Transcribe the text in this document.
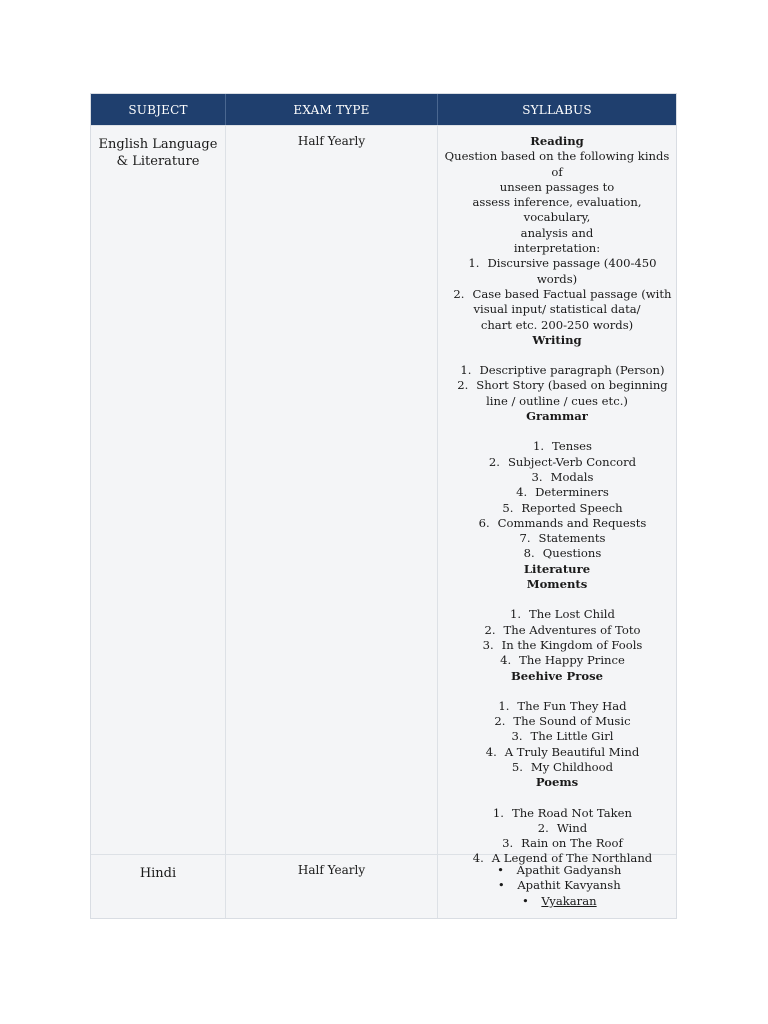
SUBJECT	EXAM TYPE	SYLLABUS
English Language
& Literature
Half Yearly	Reading
Question based on the following kinds of
unseen passages to
assess inference, evaluation, vocabulary,
analysis and
interpretation:
1. Discursive passage (400-450
words)
2. Case based Factual passage (with
visual input/ statistical data/
chart etc. 200-250 words)
Writing
1. Descriptive paragraph (Person)
2. Short Story (based on beginning
line / outline / cues etc.)
Grammar
1. Tenses
2. Subject-Verb Concord
3. Modals
4. Determiners
5. Reported Speech
6. Commands and Requests
7. Statements
8. Questions
Literature
Moments
1. The Lost Child
2. The Adventures of Toto
3. In the Kingdom of Fools
4. The Happy Prince
Beehive Prose
1. The Fun They Had
2. The Sound of Music
3. The Little Girl
4. A Truly Beautiful Mind
5. My Childhood
Poems
1. The Road Not Taken
2. Wind
3. Rain on The Roof
4. A Legend of The Northland
Hindi	Half Yearly	• Apathit Gadyansh
• Apathit Kavyansh
• Vyakaran
